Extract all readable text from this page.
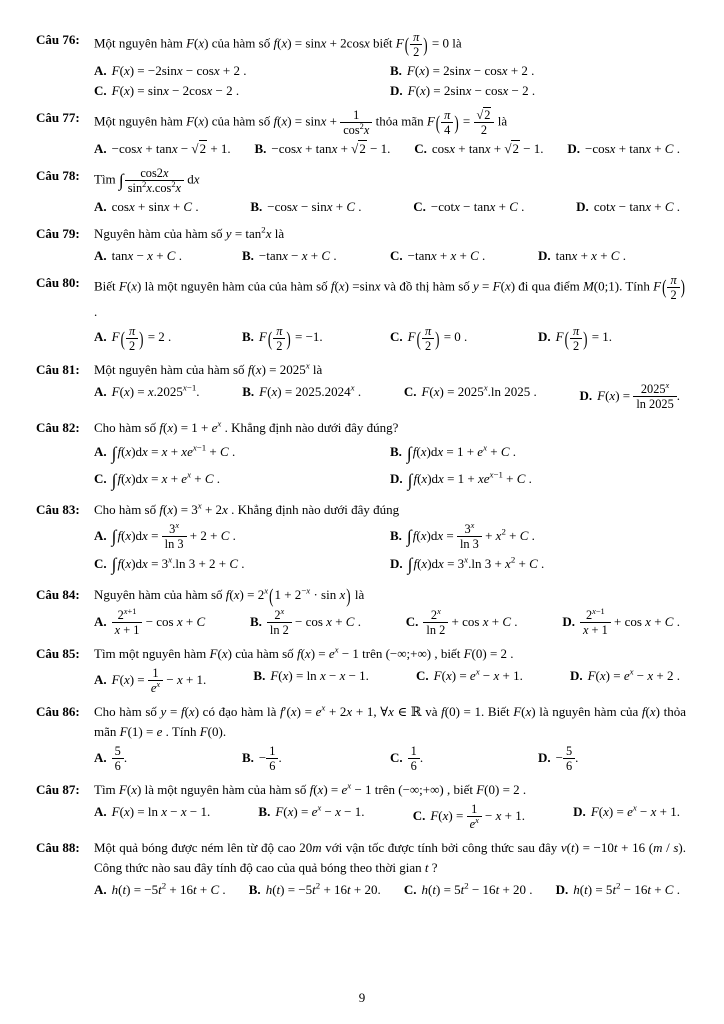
Câu 76:	Một nguyên hàm F(x) của hàm số f(x) = sinx + 2cosx biết $F( \frac{\pi}{2}$ ) = 0 là
A. F(x) = −2sinx − cosx + 2 .	B. F(x) = 2sinx − cosx + 2 .
C. F(x) = sinx − 2cosx − 2 .	D. F(x) = 2sinx − cosx − 2 .
Câu 77:	Một nguyên hàm F(x) của hàm số $f(x) = \sin x + \frac{1}{\cos^2x}$ thỏa mãn $F( \frac{\pi}{4}$ ) = $\frac{√2}{2}$ là
A. −cosx + tanx − √2 + 1. B. −cosx + tanx + √2 − 1. C. cosx + tanx + √2 − 1. D. −cosx + tanx + C .
Câu 78:	Tìm ∫ $\frac{\cos 2x}{\sin^2x.\cos^2x}$ dx
A. cosx + sinx + C .	B. −cosx − sinx + C .	C. −cotx − tanx + C .	D. cotx − tanx + C .
Câu 79:	Nguyên hàm của hàm số $y = \tan^2x$ là
A. tanx − x + C .	B. −tanx − x + C .	C. −tanx + x + C .	D. tanx + x + C .
Câu 80:	Biết F(x) là một nguyên hàm của của hàm số f(x) =sinx và đồ thị hàm số y = F(x) đi qua điểm M(0;1). Tính $F( \frac{\pi}{2}$ ).
A. $F( \frac{\pi}{2}$ ) = 2 .	B. $F( \frac{\pi}{2}$ ) = −1.	C. $F( \frac{\pi}{2}$ ) = 0 .	D. $F( \frac{\pi}{2}$ ) = 1.
Câu 81:	Một nguyên hàm của hàm số $f(x) = 2025^x$ là
A. $F(x) = x.2025^{x-1}$.	B. $F(x) = 2025.2024^x$ .	C. $F(x) = 2025^x.\ln$ 2025 .	D. $F(x) = \frac{2025^x}{\ln 2025}$ .
Câu 82:	Cho hàm số $f(x) = 1 + e^x$ . Khẳng định nào dưới đây đúng?
A. $\int f(x)dx = x + xe^{x-1} + C$ .	B. $\int f(x)dx = 1 + e^x + C$ .
C. $\int f(x)dx = x + e^x + C$ .	D. $\int f(x)dx = 1 + xe^{x-1} + C$ .
Câu 83:	Cho hàm số $f(x) = 3^x + 2x$ . Khẳng định nào dưới đây đúng
A. $\int f(x)dx = \frac{3^x}{\ln 3} + 2 + C$ .	B. $\int f(x)dx = \frac{3^x}{\ln 3} + x^2 + C$ .
C. $\int f(x)dx = 3^x.\ln$ 3 + 2 + C .	D. $\int f(x)dx = 3^x.\ln$ $3 + x^2 + C$ .
Câu 84:	Nguyên hàm của hàm số $f(x) = 2^x(1 + 2^{-x} \cdot \sin x)$ là
A. $\frac{2^{x+1}}{x + 1} - \cos x + C$	B. $\frac{2^x}{\ln 2} - \cos x + C$ .	C. $\frac{2^x}{\ln 2} + \cos x + C$ .	D. $\frac{2^{x-1}}{x + 1} + \cos x + C$ .
Câu 85:	Tìm một nguyên hàm F(x) của hàm số $f(x) = e^x - 1$ trên (−∞;+∞) , biết F(0) = 2 .
A. $F(x) = \frac{1}{e^x} - x + 1$.	B. F(x) = ln x − x − 1.	C. $F(x) = e^x - x + 1$.	D. $F(x) = e^x - x + 2$ .
Câu 86:	Cho hàm số y = f(x) có đạo hàm là $f'(x) = e^x + 2x + 1$, ∀x ∈ ℝ và f(0) = 1. Biết F(x) là nguyên hàm của f(x) thỏa mãn F(1) = e . Tính F(0).
A. $\frac{5}{6}$ .	B. − $\frac{1}{6}$ .	C. $\frac{1}{6}$ .	D. − $\frac{5}{6}$ .
Câu 87:	Tìm F(x) là một nguyên hàm của hàm số $f(x) = e^x - 1$ trên (−∞;+∞) , biết F(0) = 2 .
A. F(x) = ln x − x − 1.	B. $F(x) = e^x - x - 1$.	C. $F(x) = \frac{1}{e^x} - x + 1$.	D. $F(x) = e^x - x + 1$.
Câu 88:	Một quả bóng được ném lên từ độ cao 20m với vận tốc được tính bởi công thức sau đây v(t) = −10t + 16 (m / s). Công thức nào sau đây tính độ cao của quả bóng theo thời gian t ?
A. $h(t) = -5t^2 + 16t + C$ . B. $h(t) = -5t^2 + 16t + 20$. C. $h(t) = 5t^2 - 16t + 20$ . D. $h(t) = 5t^2 - 16t + C$ .
9
